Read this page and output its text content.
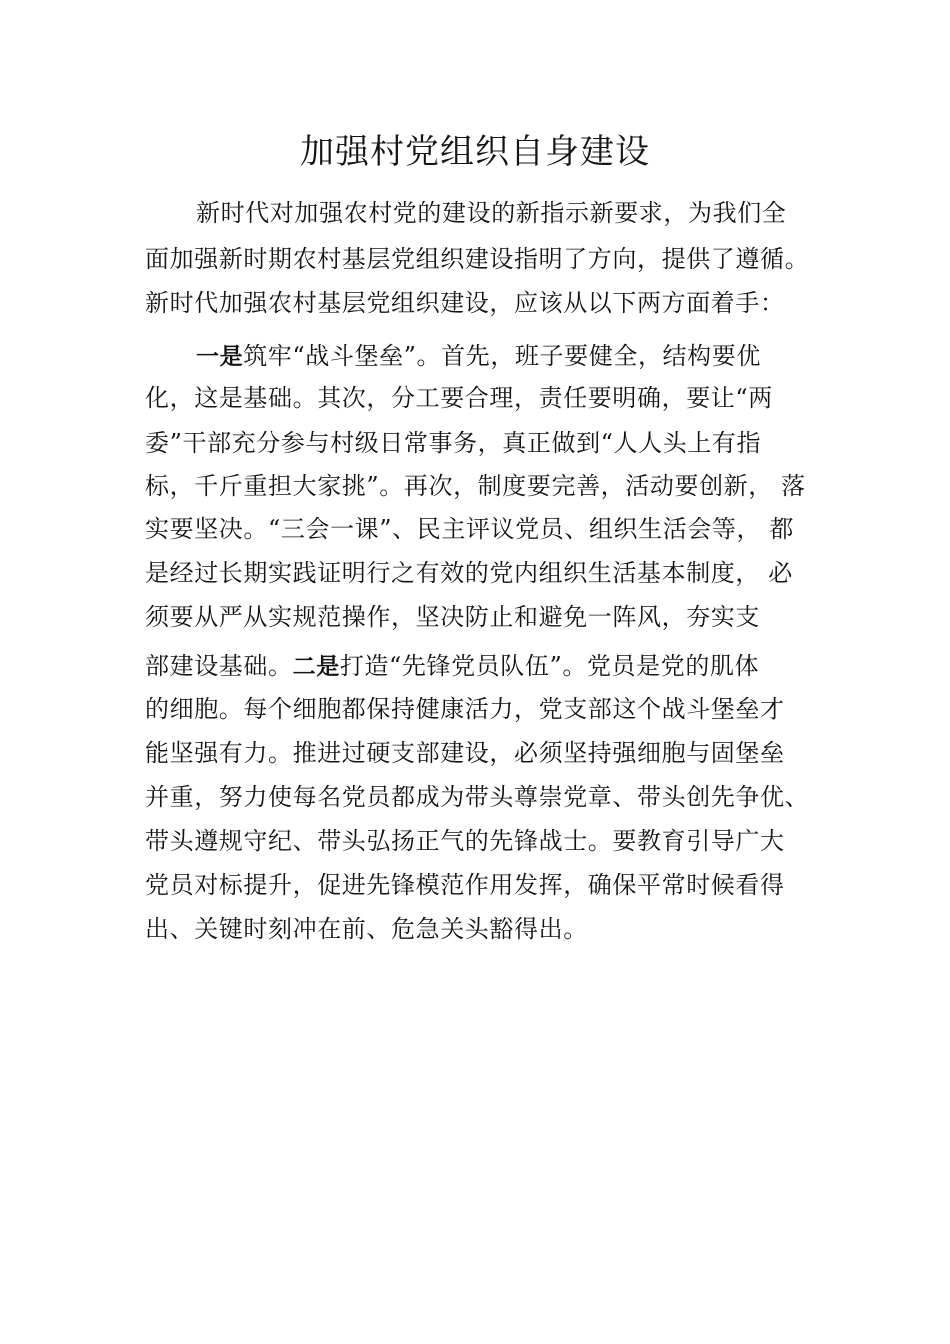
加强村党组织自身建设
新时代对加强农村党的建设的新指示新要求，为我们全
面加强新时期农村基层党组织建设指明了方向，提供了遵循。
新时代加强农村基层党组织建设，应该从以下两方面着手：
一是筑牢“战斗堡垒”。首先，班子要健全，结构要优
化，这是基础。其次，分工要合理，责任要明确，要让“两
委”干部充分参与村级日常事务，真正做到“人人头上有指
标，千斤重担大家挑”。再次，制度要完善，活动要创新， 落
实要坚决。“三会一课”、民主评议党员、组织生活会等， 都
是经过长期实践证明行之有效的党内组织生活基本制度， 必
须要从严从实规范操作，坚决防止和避免一阵风，夯实支
部建设基础。二是打造“先锋党员队伍”。党员是党的肌体
的细胞。每个细胞都保持健康活力，党支部这个战斗堡垒才
能坚强有力。推进过硬支部建设，必须坚持强细胞与固堡垒
并重，努力使每名党员都成为带头尊崇党章、带头创先争优、
带头遵规守纪、带头弘扬正气的先锋战士。要教育引导广大
党员对标提升，促进先锋模范作用发挥，确保平常时候看得
出、关键时刻冲在前、危急关头豁得出。
